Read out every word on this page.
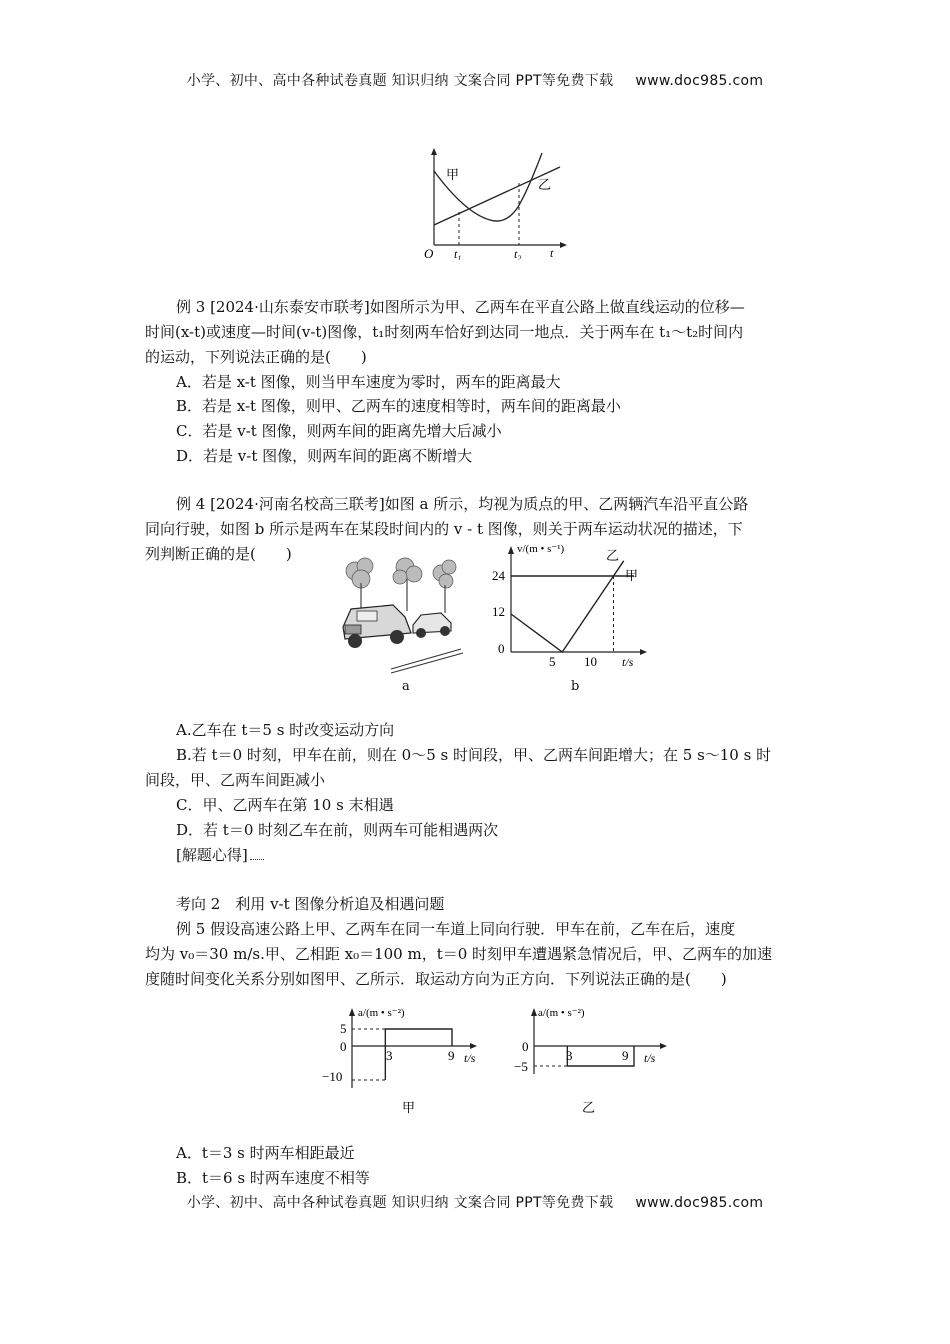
小学、初中、高中各种试卷真题 知识归纳 文案合同 PPT等免费下载 www.doc985.com
甲
乙
O $t_1$	$t_2$ t
例 3 [2024·山东泰安市联考]如图所示为甲、乙两车在平直公路上做直线运动的位移—
时间(x-t)或速度—时间(v-t)图像，t₁时刻两车恰好到达同一地点．关于两车在 t₁～t₂时间内
的运动，下列说法正确的是(　　)
A．若是 x-t 图像，则当甲车速度为零时，两车的距离最大
B．若是 x-t 图像，则甲、乙两车的速度相等时，两车间的距离最小
C．若是 v-t 图像，则两车间的距离先增大后减小
D．若是 v-t 图像，则两车间的距离不断增大
例 4 [2024·河南名校高三联考]如图 a 所示，均视为质点的甲、乙两辆汽车沿平直公路
同向行驶，如图 b 所示是两车在某段时间内的 v - t 图像，则关于两车运动状况的描述，下
列判断正确的是(　　)
a
v/(m • s⁻¹)
24
12
0
5 10 t/s
甲
乙
b
A.乙车在 t＝5 s 时改变运动方向
B.若 t＝0 时刻，甲车在前，则在 0～5 s 时间段，甲、乙两车间距增大；在 5 s～10 s 时
间段，甲、乙两车间距减小
C．甲、乙两车在第 10 s 末相遇
D．若 t＝0 时刻乙车在前，则两车可能相遇两次
[解题心得]
考向 2　利用 v-t 图像分析追及相遇问题
例 5 假设高速公路上甲、乙两车在同一车道上同向行驶．甲车在前，乙车在后，速度
均为 v₀＝30 m/s.甲、乙相距 x₀＝100 m，t＝0 时刻甲车遭遇紧急情况后，甲、乙两车的加速
度随时间变化关系分别如图甲、乙所示．取运动方向为正方向．下列说法正确的是(　　)
a/(m • s⁻²)
5
0
−10
3	9 t/s
甲
a/(m • s⁻²)
0
−5
3	9 t/s
乙
A．t＝3 s 时两车相距最近
B．t＝6 s 时两车速度不相等
小学、初中、高中各种试卷真题 知识归纳 文案合同 PPT等免费下载 www.doc985.com
